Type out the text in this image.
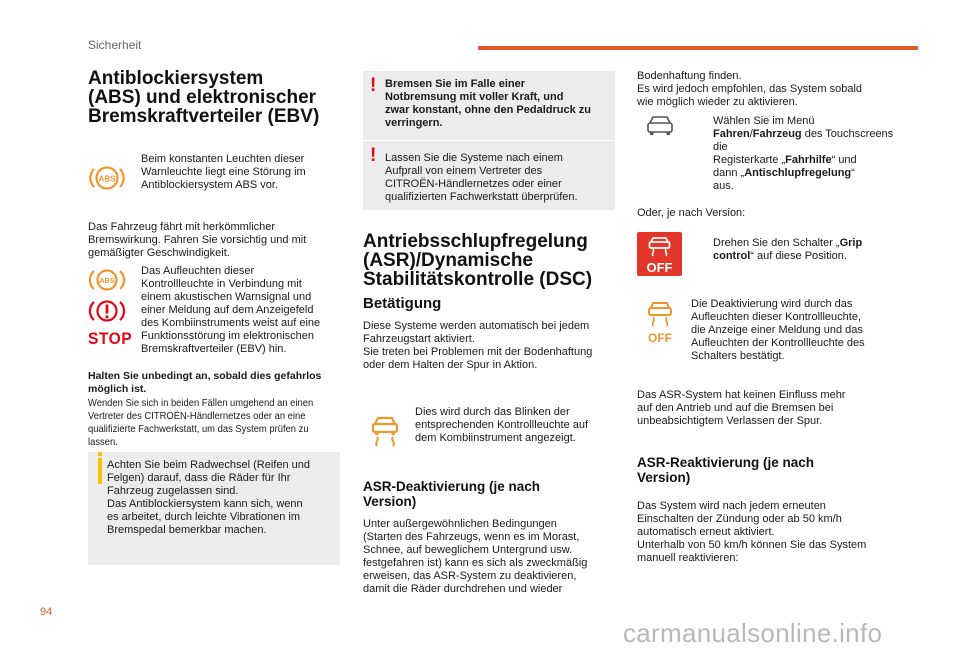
Sicherheit
Antiblockiersystem
(ABS) und elektronischer
Bremskraftverteiler (EBV)
ABS
Beim konstanten Leuchten dieser
Warnleuchte liegt eine Störung im
Antiblockiersystem ABS vor.
Das Fahrzeug fährt mit herkömmlicher
Bremswirkung. Fahren Sie vorsichtig und mit
gemäßigter Geschwindigkeit.
ABS
STOP
Das Aufleuchten dieser
Kontrollleuchte in Verbindung mit
einem akustischen Warnsignal und
einer Meldung auf dem Anzeigefeld
des Kombiinstruments weist auf eine
Funktionsstörung im elektronischen
Bremskraftverteiler (EBV) hin.
Halten Sie unbedingt an, sobald dies gefahrlos
möglich ist.
Wenden Sie sich in beiden Fällen umgehend an einen
Vertreter des CITROËN-Händlernetzes oder an eine
qualifizierte Fachwerkstatt, um das System prüfen zu lassen.
Achten Sie beim Radwechsel (Reifen und
Felgen) darauf, dass die Räder für Ihr
Fahrzeug zugelassen sind.
Das Antiblockiersystem kann sich, wenn
es arbeitet, durch leichte Vibrationen im
Bremspedal bemerkbar machen.
! Bremsen Sie im Falle einer
Notbremsung mit voller Kraft, und
zwar konstant, ohne den Pedaldruck zu
verringern.
! Lassen Sie die Systeme nach einem
Aufprall von einem Vertreter des
CITROËN-Händlernetzes oder einer
qualifizierten Fachwerkstatt überprüfen.
Antriebsschlupfregelung
(ASR)/Dynamische
Stabilitätskontrolle (DSC)
Betätigung
Diese Systeme werden automatisch bei jedem
Fahrzeugstart aktiviert.
Sie treten bei Problemen mit der Bodenhaftung
oder dem Halten der Spur in Aktion.
Dies wird durch das Blinken der
entsprechenden Kontrollleuchte auf
dem Kombiinstrument angezeigt.
ASR-Deaktivierung (je nach
Version)
Unter außergewöhnlichen Bedingungen
(Starten des Fahrzeugs, wenn es im Morast,
Schnee, auf beweglichem Untergrund usw.
festgefahren ist) kann es sich als zweckmäßig
erweisen, das ASR-System zu deaktivieren,
damit die Räder durchdrehen und wieder
Bodenhaftung finden.
Es wird jedoch empfohlen, das System sobald
wie möglich wieder zu aktivieren.
Wählen Sie im Menü Fahren/Fahrzeug des Touchscreens die
Registerkarte „Fahrhilfe“ und
dann „Antischlupfregelung“
aus.
Oder, je nach Version:
OFF
Drehen Sie den Schalter „Grip
control“ auf diese Position.
OFF
Die Deaktivierung wird durch das
Aufleuchten dieser Kontrollleuchte,
die Anzeige einer Meldung und das
Aufleuchten der Kontrollleuchte des
Schalters bestätigt.
Das ASR-System hat keinen Einfluss mehr
auf den Antrieb und auf die Bremsen bei
unbeabsichtigtem Verlassen der Spur.
ASR-Reaktivierung (je nach
Version)
Das System wird nach jedem erneuten
Einschalten der Zündung oder ab 50 km/h
automatisch erneut aktiviert.
Unterhalb von 50 km/h können Sie das System
manuell reaktivieren:
94
carmanualsonline.info
